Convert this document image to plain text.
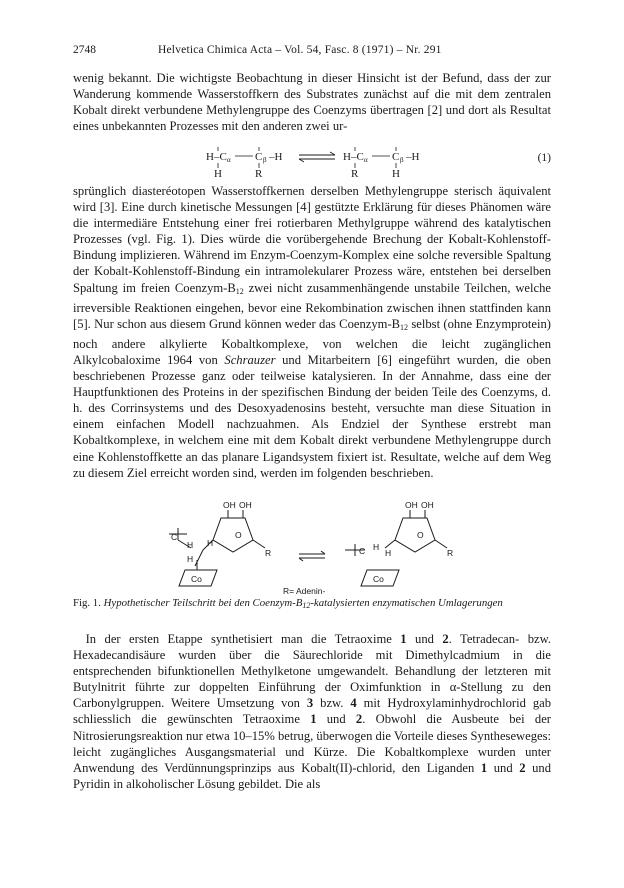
2748	Helvetica Chimica Acta – Vol. 54, Fasc. 8 (1971) – Nr. 291
wenig bekannt. Die wichtigste Beobachtung in dieser Hinsicht ist der Befund, dass der zur Wanderung kommende Wasserstoffkern des Substrates zunächst auf die mit dem zentralen Kobalt direkt verbundene Methylengruppe des Coenzyms übertragen [2] und dort als Resultat eines unbekannten Prozesses mit den anderen zwei ur-
H–C α C β –H
H	R
H–C α C β –H
R	H
(1)
sprünglich diasteréotopen Wasserstoffkernen derselben Methylengruppe sterisch äquivalent wird [3]. Eine durch kinetische Messungen [4] gestützte Erklärung für dieses Phänomen wäre die intermediäre Entstehung einer frei rotierbaren Methylgruppe während des katalytischen Prozesses (vgl. Fig. 1). Dies würde die vorübergehende Brechung der Kobalt-Kohlenstoff-Bindung implizieren. Während im Enzym-Coenzym-Komplex eine solche reversible Spaltung der Kobalt-Kohlenstoff-Bindung ein intramolekularer Prozess wäre, entstehen bei derselben Spaltung im freien Coenzym-$B_{12}$ zwei nicht zusammenhängende unstabile Teilchen, welche irreversible Reaktionen eingehen, bevor eine Rekombination zwischen ihnen stattfinden kann [5]. Nur schon aus diesem Grund können weder das Coenzym-$B_{12}$ selbst (ohne Enzymprotein) noch andere alkylierte Kobaltkomplexe, von welchen die leicht zugänglichen Alkylcobaloxime 1964 von Schrauzer und Mitarbeitern [6] eingeführt wurden, die oben beschriebenen Prozesse ganz oder teilweise katalysieren. In der Annahme, dass eine der Hauptfunktionen des Proteins in der spezifischen Bindung der beiden Teile des Coenzyms, d. h. des Corrinsystems und des Desoxyadenosins besteht, versuchte man diese Situation in einem einfachen Modell nachzuahmen. Als Endziel der Synthese erstrebt man Kobaltkomplexe, in welchem eine mit dem Kobalt direkt verbundene Methylengruppe durch eine Kohlenstoffkette an das planare Ligandsystem fixiert ist. Resultate, welche auf dem Weg zu diesem Ziel erreicht worden sind, werden im folgenden beschrieben.
OH OH
O
R
C
H H
H
Co
OH OH
O
R
C H
H
Co
R= Adenin-
Fig. 1. Hypothetischer Teilschritt bei den Coenzym-$B_{12}$-katalysierten enzymatischen Umlagerungen
 In der ersten Etappe synthetisiert man die Tetraoxime 1 und 2. Tetradecan- bzw. Hexadecandisäure wurden über die Säurechloride mit Dimethylcadmium in die entsprechenden bifunktionellen Methylketone umgewandelt. Behandlung der letzteren mit Butylnitrit führte zur doppelten Einführung der Oximfunktion in α-Stellung zu den Carbonylgruppen. Weitere Umsetzung von 3 bzw. 4 mit Hydroxylaminhydrochlorid gab schliesslich die gewünschten Tetraoxime 1 und 2. Obwohl die Ausbeute bei der Nitrosierungsreaktion nur etwa 10–15% betrug, überwogen die Vorteile dieses Syntheseweges: leicht zugängliches Ausgangsmaterial und Kürze. Die Kobaltkomplexe wurden unter Anwendung des Verdünnungsprinzips aus Kobalt(II)-chlorid, den Liganden 1 und 2 und Pyridin in alkoholischer Lösung gebildet. Die als
